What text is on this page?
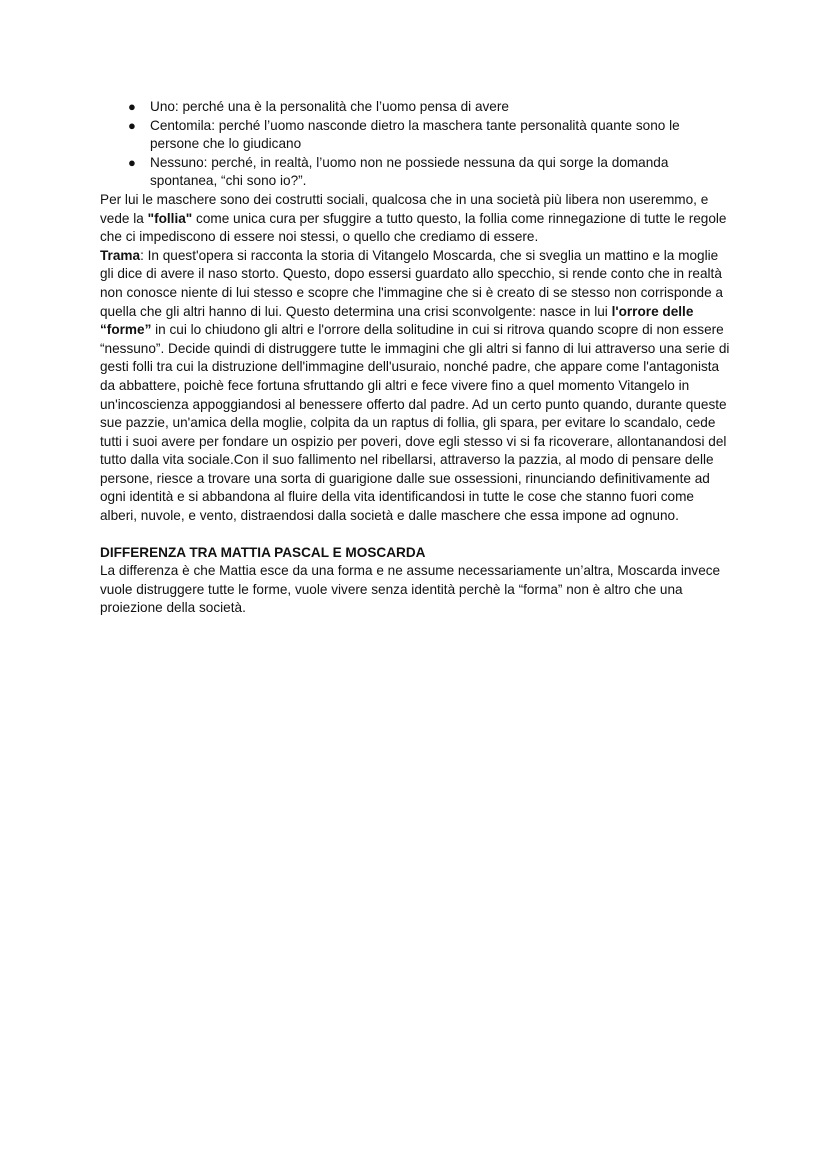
● Uno: perché una è la personalità che l’uomo pensa di avere
● Centomila: perché l’uomo nasconde dietro la maschera tante personalità quante sono le persone che lo giudicano
● Nessuno: perché, in realtà, l’uomo non ne possiede nessuna da qui sorge la domanda spontanea, “chi sono io?”.

Per lui le maschere sono dei costrutti sociali, qualcosa che in una società più libera non useremmo, e vede la "follia" come unica cura per sfuggire a tutto questo, la follia come rinnegazione di tutte le regole che ci impediscono di essere noi stessi, o quello che crediamo di essere.

Trama: In quest'opera si racconta la storia di Vitangelo Moscarda, che si sveglia un mattino e la moglie gli dice di avere il naso storto. Questo, dopo essersi guardato allo specchio, si rende conto che in realtà non conosce niente di lui stesso e scopre che l'immagine che si è creato di se stesso non corrisponde a quella che gli altri hanno di lui. Questo determina una crisi sconvolgente: nasce in lui l'orrore delle “forme” in cui lo chiudono gli altri e l'orrore della solitudine in cui si ritrova quando scopre di non essere “nessuno”. Decide quindi di distruggere tutte le immagini che gli altri si fanno di lui attraverso una serie di gesti folli tra cui la distruzione dell'immagine dell'usuraio, nonché padre, che appare come l'antagonista da abbattere, poichè fece fortuna sfruttando gli altri e fece vivere fino a quel momento Vitangelo in un'incoscienza appoggiandosi al benessere offerto dal padre. Ad un certo punto quando, durante queste sue pazzie, un'amica della moglie, colpita da un raptus di follia, gli spara, per evitare lo scandalo, cede tutti i suoi avere per fondare un ospizio per poveri, dove egli stesso vi si fa ricoverare, allontanandosi del tutto dalla vita sociale.Con il suo fallimento nel ribellarsi, attraverso la pazzia, al modo di pensare delle persone, riesce a trovare una sorta di guarigione dalle sue ossessioni, rinunciando definitivamente ad ogni identità e si abbandona al fluire della vita identificandosi in tutte le cose che stanno fuori come alberi, nuvole, e vento, distraendosi dalla società e dalle maschere che essa impone ad ognuno.

DIFFERENZA TRA MATTIA PASCAL E MOSCARDA

La differenza è che Mattia esce da una forma e ne assume necessariamente un’altra, Moscarda invece vuole distruggere tutte le forme, vuole vivere senza identità perchè la “forma” non è altro che una proiezione della società.
